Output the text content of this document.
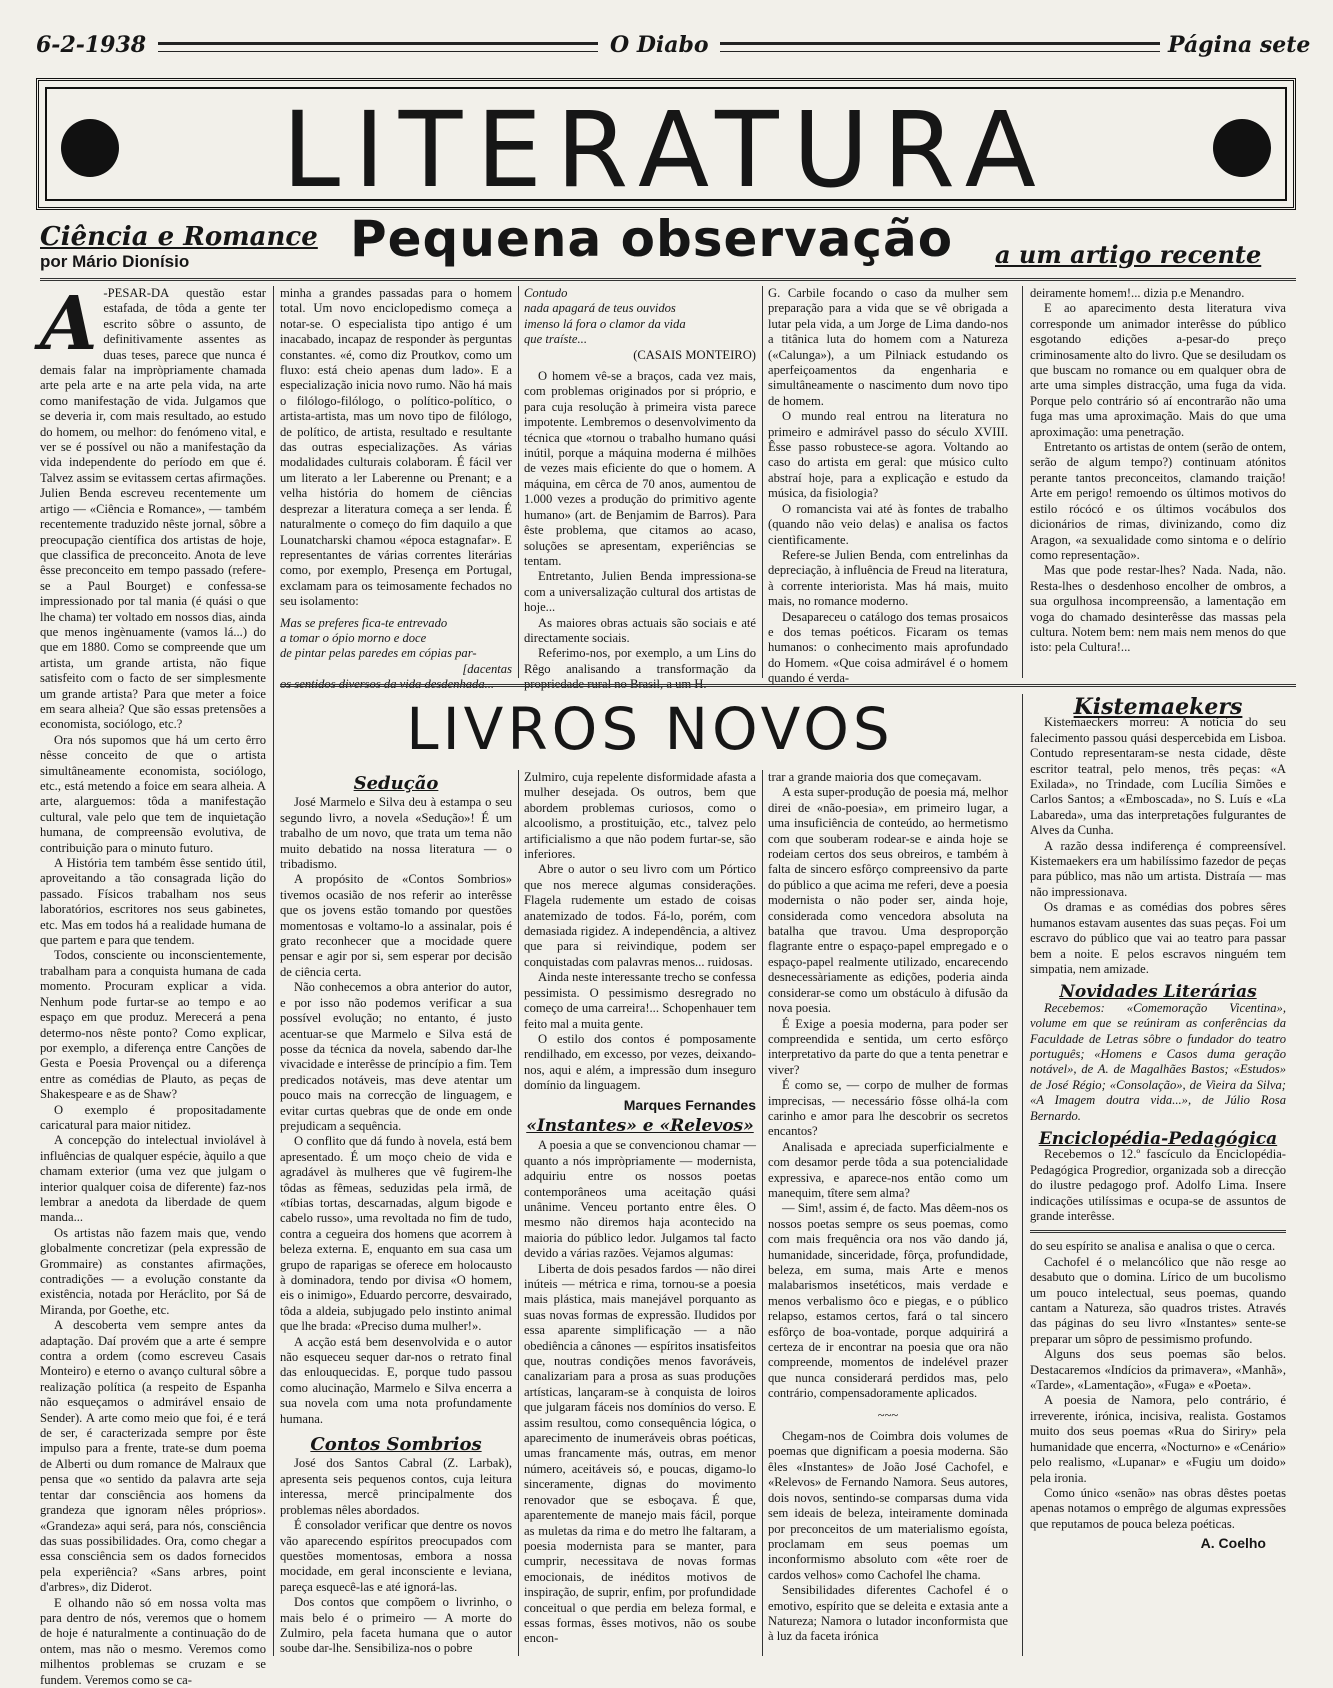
6-2-1938	O Diabo	Página sete
LITERATURA
Ciência e Romance
por Mário Dionísio	Pequena observação a um artigo recente
A -PESAR-DA questão estar estafada, de tôda a gente ter escrito sôbre o assunto, de definitivamente assentes as duas teses, parece que nunca é demais falar na impròpriamente chamada arte pela arte e na arte pela vida, na arte como manifestação de vida. Julgamos que se deveria ir, com mais resultado, ao estudo do homem, ou melhor: do fenómeno vital, e ver se é possível ou não a manifestação da vida independente do período em que é. Talvez assim se evitassem certas afirmações. Julien Benda escreveu recentemente um artigo — «Ciência e Romance», — também recentemente traduzido nêste jornal, sôbre a preocupação científica dos artistas de hoje, que classifica de preconceito. Anota de leve êsse preconceito em tempo passado (refere-se a Paul Bourget) e confessa-se impressionado por tal mania (é quási o que lhe chama) ter voltado em nossos dias, ainda que menos ingènuamente (vamos lá...) do que em 1880. Como se compreende que um artista, um grande artista, não fique satisfeito com o facto de ser simplesmente um grande artista? Para que meter a foice em seara alheia? Que são essas pretensões a economista, sociólogo, etc.?

Ora nós supomos que há um certo êrro nêsse conceito de que o artista simultâneamente economista, sociólogo, etc., está metendo a foice em seara alheia. A arte, alarguemos: tôda a manifestação cultural, vale pelo que tem de inquietação humana, de compreensão evolutiva, de contribuição para o minuto futuro.

A História tem também êsse sentido útil, aproveitando a tão consagrada lição do passado. Físicos trabalham nos seus laboratórios, escritores nos seus gabinetes, etc. Mas em todos há a realidade humana de que partem e para que tendem.

Todos, consciente ou inconscientemente, trabalham para a conquista humana de cada momento. Procuram explicar a vida. Nenhum pode furtar-se ao tempo e ao espaço em que produz. Merecerá a pena determo-nos nêste ponto? Como explicar, por exemplo, a diferença entre Canções de Gesta e Poesia Provençal ou a diferença entre as comédias de Plauto, as peças de Shakespeare e as de Shaw?

O exemplo é propositadamente caricatural para maior nitidez.

A concepção do intelectual inviolável à influências de qualquer espécie, àquilo a que chamam exterior (uma vez que julgam o interior qualquer coisa de diferente) faz-nos lembrar a anedota da liberdade de quem manda...

Os artistas não fazem mais que, vendo globalmente concretizar (pela expressão de Grommaire) as constantes afirmações, contradições — a evolução constante da existência, notada por Heráclito, por Sá de Miranda, por Goethe, etc.

A descoberta vem sempre antes da adaptação. Daí provém que a arte é sempre contra a ordem (como escreveu Casais Monteiro) e eterno o avanço cultural sôbre a realização política (a respeito de Espanha não esqueçamos o admirável ensaio de Sender). A arte como meio que foi, é e terá de ser, é caracterizada sempre por êste impulso para a frente, trate-se dum poema de Alberti ou dum romance de Malraux que pensa que «o sentido da palavra arte seja tentar dar consciência aos homens da grandeza que ignoram nêles próprios». «Grandeza» aqui será, para nós, consciência das suas possibilidades. Ora, como chegar a essa consciência sem os dados fornecidos pela experiência? «Sans arbres, point d'arbres», diz Diderot.

E olhando não só em nossa volta mas para dentro de nós, veremos que o homem de hoje é naturalmente a continuação do de ontem, mas não o mesmo. Veremos como milhentos problemas se cruzam e se fundem. Veremos como se ca-

minha a grandes passadas para o homem total. Um novo enciclopedismo começa a notar-se. O especialista tipo antigo é um inacabado, incapaz de responder às perguntas constantes. «é, como diz Proutkov, como um fluxo: está cheio apenas dum lado». E a especialização inicia novo rumo. Não há mais o filólogo-filólogo, o político-político, o artista-artista, mas um novo tipo de filólogo, de político, de artista, resultado e resultante das outras especializações. As várias modalidades culturais colaboram. É fácil ver um literato a ler Laberenne ou Prenant; e a velha história do homem de ciências desprezar a literatura começa a ser lenda. É naturalmente o começo do fim daquilo a que Lounatcharski chamou «época estagnafar». E representantes de várias correntes literárias como, por exemplo, Presença em Portugal, exclamam para os teimosamente fechados no seu isolamento:

Mas se preferes fica-te entrevado
a tomar o ópio morno e doce
de pintar pelas paredes em cópias par-
[dacentas
os sentidos diversos da vida desdenhada...
Contudo
nada apagará de teus ouvidos
imenso lá fora o clamor da vida
que traíste...
(CASAIS MONTEIRO)

O homem vê-se a braços, cada vez mais, com problemas originados por si próprio, e para cuja resolução à primeira vista parece impotente. Lembremos o desenvolvimento da técnica que «tornou o trabalho humano quási inútil, porque a máquina moderna é milhões de vezes mais eficiente do que o homem. A máquina, em cêrca de 70 anos, aumentou de 1.000 vezes a produção do primitivo agente humano» (art. de Benjamim de Barros). Para êste problema, que citamos ao acaso, soluções se apresentam, experiências se tentam.

Entretanto, Julien Benda impressiona-se com a universalização cultural dos artistas de hoje...

As maiores obras actuais são sociais e até directamente sociais.

Referimo-nos, por exemplo, a um Lins do Rêgo analisando a transformação da propriedade rural no Brasil, a um H.

G. Carbile focando o caso da mulher sem preparação para a vida que se vê obrigada a lutar pela vida, a um Jorge de Lima dando-nos a titânica luta do homem com a Natureza («Calunga»), a um Pilniack estudando os aperfeiçoamentos da engenharia e simultâneamente o nascimento dum novo tipo de homem.

O mundo real entrou na literatura no primeiro e admirável passo do século XVIII. Êsse passo robustece-se agora. Voltando ao caso do artista em geral: que músico culto abstraí hoje, para a explicação e estudo da música, da fisiologia?

O romancista vai até às fontes de trabalho (quando não veio delas) e analisa os factos cientìficamente.

Refere-se Julien Benda, com entrelinhas da depreciação, à influência de Freud na literatura, à corrente interiorista. Mas há mais, muito mais, no romance moderno.

Desapareceu o catálogo dos temas prosaicos e dos temas poéticos. Ficaram os temas humanos: o conhecimento mais aprofundado do Homem. «Que coisa admirável é o homem quando é verda-

deiramente homem!... dizia p.e Menandro.

E ao aparecimento desta literatura viva corresponde um animador interêsse do público esgotando edições a-pesar-do preço criminosamente alto do livro. Que se desiludam os que buscam no romance ou em qualquer obra de arte uma simples distracção, uma fuga da vida. Porque pelo contrário só aí encontrarão não uma fuga mas uma aproximação. Mais do que uma aproximação: uma penetração.

Entretanto os artistas de ontem (serão de ontem, serão de algum tempo?) continuam atónitos perante tantos preconceitos, clamando traição! Arte em perigo! remoendo os últimos motivos do estilo rócócó e os últimos vocábulos dos dicionários de rimas, divinizando, como diz Aragon, «a sexualidade como sintoma e o delírio como representação».

Mas que pode restar-lhes? Nada. Nada, não. Resta-lhes o desdenhoso encolher de ombros, a sua orgulhosa incompreensão, a lamentação em voga do chamado desinterêsse das massas pela cultura. Notem bem: nem mais nem menos do que isto: pela Cultura!...

LIVROS NOVOS
Sedução

José Marmelo e Silva deu à estampa o seu segundo livro, a novela «Sedução»! É um trabalho de um novo, que trata um tema não muito debatido na nossa literatura — o tribadismo.

A propósito de «Contos Sombrios» tivemos ocasião de nos referir ao interêsse que os jovens estão tomando por questões momentosas e voltamo-lo a assinalar, pois é grato reconhecer que a mocidade quere pensar e agir por si, sem esperar por decisão de ciência certa.

Não conhecemos a obra anterior do autor, e por isso não podemos verificar a sua possível evolução; no entanto, é justo acentuar-se que Marmelo e Silva está de posse da técnica da novela, sabendo dar-lhe vivacidade e interêsse de princípio a fim. Tem predicados notáveis, mas deve atentar um pouco mais na correcção de linguagem, e evitar curtas quebras que de onde em onde prejudicam a sequência.

O conflito que dá fundo à novela, está bem apresentado. É um moço cheio de vida e agradável às mulheres que vê fugirem-lhe tôdas as fêmeas, seduzidas pela irmã, de «tíbias tortas, descarnadas, algum bigode e cabelo russo», uma revoltada no fim de tudo, contra a cegueira dos homens que acorrem à beleza externa. E, enquanto em sua casa um grupo de raparigas se oferece em holocausto à dominadora, tendo por divisa «O homem, eis o inimigo», Eduardo percorre, desvairado, tôda a aldeia, subjugado pelo instinto animal que lhe brada: «Preciso duma mulher!».

A acção está bem desenvolvida e o autor não esqueceu sequer dar-nos o retrato final das enlouquecidas. E, porque tudo passou como alucinação, Marmelo e Silva encerra a sua novela com uma nota profundamente humana.

Contos Sombrios

José dos Santos Cabral (Z. Larbak), apresenta seis pequenos contos, cuja leitura interessa, mercê principalmente dos problemas nêles abordados.

É consolador verificar que dentre os novos vão aparecendo espíritos preocupados com questões momentosas, embora a nossa mocidade, em geral inconsciente e leviana, pareça esquecê-las e até ignorá-las.

Dos contos que compõem o livrinho, o mais belo é o primeiro — A morte do Zulmiro, pela faceta humana que o autor soube dar-lhe. Sensibiliza-nos o pobre

Zulmiro, cuja repelente disformidade afasta a mulher desejada. Os outros, bem que abordem problemas curiosos, como o alcoolismo, a prostituição, etc., talvez pelo artificialismo a que não podem furtar-se, são inferiores.

Abre o autor o seu livro com um Pórtico que nos merece algumas considerações. Flagela rudemente um estado de coisas anatemizado de todos. Fá-lo, porém, com demasiada rigidez. A independência, a altivez que para si reivindique, podem ser conquistadas com palavras menos... ruidosas.

Ainda neste interessante trecho se confessa pessimista. O pessimismo desregrado no começo de uma carreira!... Schopenhauer tem feito mal a muita gente.

O estilo dos contos é pomposamente rendilhado, em excesso, por vezes, deixando-nos, aqui e além, a impressão dum inseguro domínio da linguagem.

Marques Fernandes
«Instantes» e «Relevos»

A poesia a que se convencionou chamar — quanto a nós impròpriamente — modernista, adquiriu entre os nossos poetas contemporâneos uma aceitação quási unânime. Venceu portanto entre êles. O mesmo não diremos haja acontecido na maioria do público ledor. Julgamos tal facto devido a várias razões. Vejamos algumas:

Liberta de dois pesados fardos — não direi inúteis — métrica e rima, tornou-se a poesia mais plástica, mais manejável porquanto as suas novas formas de expressão. Iludidos por essa aparente simplificação — a não obediência a cânones — espíritos insatisfeitos que, noutras condições menos favoráveis, canalizariam para a prosa as suas produções artísticas, lançaram-se à conquista de loiros que julgaram fáceis nos domínios do verso. E assim resultou, como consequência lógica, o aparecimento de inumeráveis obras poéticas, umas francamente más, outras, em menor número, aceitáveis só, e poucas, digamo-lo sinceramente, dignas do movimento renovador que se esboçava. É que, aparentemente de manejo mais fácil, porque as muletas da rima e do metro lhe faltaram, a poesia modernista para se manter, para cumprir, necessitava de novas formas emocionais, de inéditos motivos de inspiração, de suprir, enfim, por profundidade conceitual o que perdia em beleza formal, e essas formas, êsses motivos, não os soube encon-

trar a grande maioria dos que começavam.

A esta super-produção de poesia má, melhor direi de «não-poesia», em primeiro lugar, a uma insuficiência de conteúdo, ao hermetismo com que souberam rodear-se e ainda hoje se rodeiam certos dos seus obreiros, e também à falta de sincero esfôrço compreensivo da parte do público a que acima me referi, deve a poesia modernista o não poder ser, ainda hoje, considerada como vencedora absoluta na batalha que travou. Uma desproporção flagrante entre o espaço-papel empregado e o espaço-papel realmente utilizado, encarecendo desnecessàriamente as edições, poderia ainda considerar-se como um obstáculo à difusão da nova poesia.

É Exige a poesia moderna, para poder ser compreendida e sentida, um certo esfôrço interpretativo da parte do que a tenta penetrar e viver?

É como se, — corpo de mulher de formas imprecisas, — necessário fôsse olhá-la com carinho e amor para lhe descobrir os secretos encantos?

Analisada e apreciada superficialmente e com desamor perde tôda a sua potencialidade expressiva, e aparece-nos então como um manequim, tîtere sem alma?

— Sim!, assim é, de facto. Mas dêem-nos os nossos poetas sempre os seus poemas, como com mais frequência ora nos vão dando já, humanidade, sinceridade, fôrça, profundidade, beleza, em suma, mais Arte e menos malabarismos insetéticos, mais verdade e menos verbalismo ôco e piegas, e o público relapso, estamos certos, fará o tal sincero esfôrço de boa-vontade, porque adquirirá a certeza de ir encontrar na poesia que ora não compreende, momentos de indelével prazer que nunca considerará perdidos mas, pelo contrário, compensadoramente aplicados.

~~~

Chegam-nos de Coimbra dois volumes de poemas que dignificam a poesia moderna. São êles «Instantes» de João José Cachofel, e «Relevos» de Fernando Namora. Seus autores, dois novos, sentindo-se comparsas duma vida sem ideais de beleza, inteiramente dominada por preconceitos de um materialismo egoísta, proclamam em seus poemas um inconformismo absoluto com «ête roer de cardos velhos» como Cachofel lhe chama.

Sensibilidades diferentes Cachofel é o emotivo, espírito que se deleita e extasia ante a Natureza; Namora o lutador inconformista que à luz da faceta irónica

Kistemaekers

Kistemaeckers morreu: A notícia do seu falecimento passou quási despercebida em Lisboa. Contudo representaram-se nesta cidade, dêste escritor teatral, pelo menos, três peças: «A Exilada», no Trindade, com Lucília Simões e Carlos Santos; a «Emboscada», no S. Luís e «La Labareda», uma das interpretações fulgurantes de Alves da Cunha.

A razão dessa indiferença é compreensível. Kistemaekers era um habilíssimo fazedor de peças para público, mas não um artista. Distraía — mas não impressionava.

Os dramas e as comédias dos pobres sêres humanos estavam ausentes das suas peças. Foi um escravo do público que vai ao teatro para passar bem a noite. E pelos escravos ninguém tem simpatia, nem amizade.

Novidades Literárias

Recebemos: «Comemoração Vicentina», volume em que se reúniram as conferências da Faculdade de Letras sôbre o fundador do teatro português; «Homens e Casos duma geração notável», de A. de Magalhães Bastos; «Estudos» de José Régio; «Consolação», de Vieira da Silva; «A Imagem doutra vida...», de Júlio Rosa Bernardo.

Enciclopédia-Pedagógica

Recebemos o 12.º fascículo da Enciclopédia-Pedagógica Progredior, organizada sob a direcção do ilustre pedagogo prof. Adolfo Lima. Insere indicações utilíssimas e ocupa-se de assuntos de grande interêsse.

do seu espírito se analisa e analisa o que o cerca.

Cachofel é o melancólico que não resge ao desabuto que o domina. Lírico de um bucolismo um pouco intelectual, seus poemas, quando cantam a Natureza, são quadros tristes. Através das páginas do seu livro «Instantes» sente-se preparar um sôpro de pessimismo profundo.

Alguns dos seus poemas são belos. Destacaremos «Indícios da primavera», «Manhã», «Tarde», «Lamentação», «Fuga» e «Poeta».

A poesia de Namora, pelo contrário, é irreverente, irónica, incisiva, realista. Gostamos muito dos seus poemas «Rua do Siriry» pela humanidade que encerra, «Nocturno» e «Cenário» pelo realismo, «Lupanar» e «Fugiu um doido» pela ironia.

Como único «senão» nas obras dêstes poetas apenas notamos o emprêgo de algumas expressões que reputamos de pouca beleza poéticas.

A. Coelho
